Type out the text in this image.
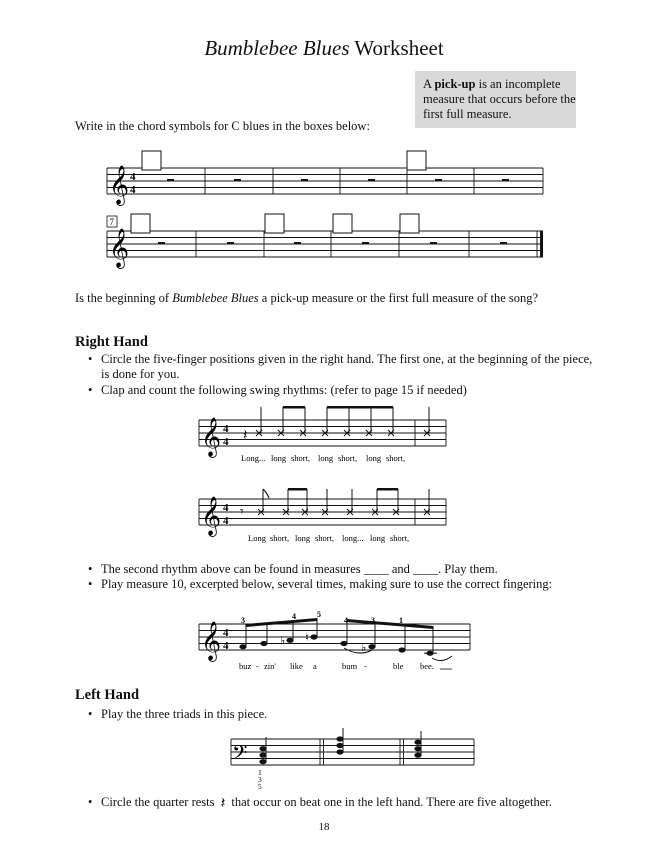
Bumblebee Blues Worksheet
A pick-up is an incomplete measure that occurs before the first full measure.
Write in the chord symbols for C blues in the boxes below:
𝄞 4
4
7
𝄞
Is the beginning of Bumblebee Blues a pick-up measure or the first full measure of the song?
Right Hand
• Circle the five-finger positions given in the right hand. The first one, at the beginning of the piece, is done for you.
• Clap and count the following swing rhythms: (refer to page 15 if needed)
𝄞 4
4 𝄽
Long... long short, long short, long short,
𝄞 4
4
𝄾
Long short, long short, long... long short,
• The second rhythm above can be found in measures ____ and ____. Play them.
• Play measure 10, excerpted below, several times, making sure to use the correct fingering:
𝄞 4
4	♭ ♮
♭
3	4	5
4	3	1
buz - zin' like a	bum -	ble bee.
Left Hand
• Play the three triads in this piece.
𝄢
1
3
5
• Circle the quarter rests 𝄽 that occur on beat one in the left hand. There are five altogether.
18
